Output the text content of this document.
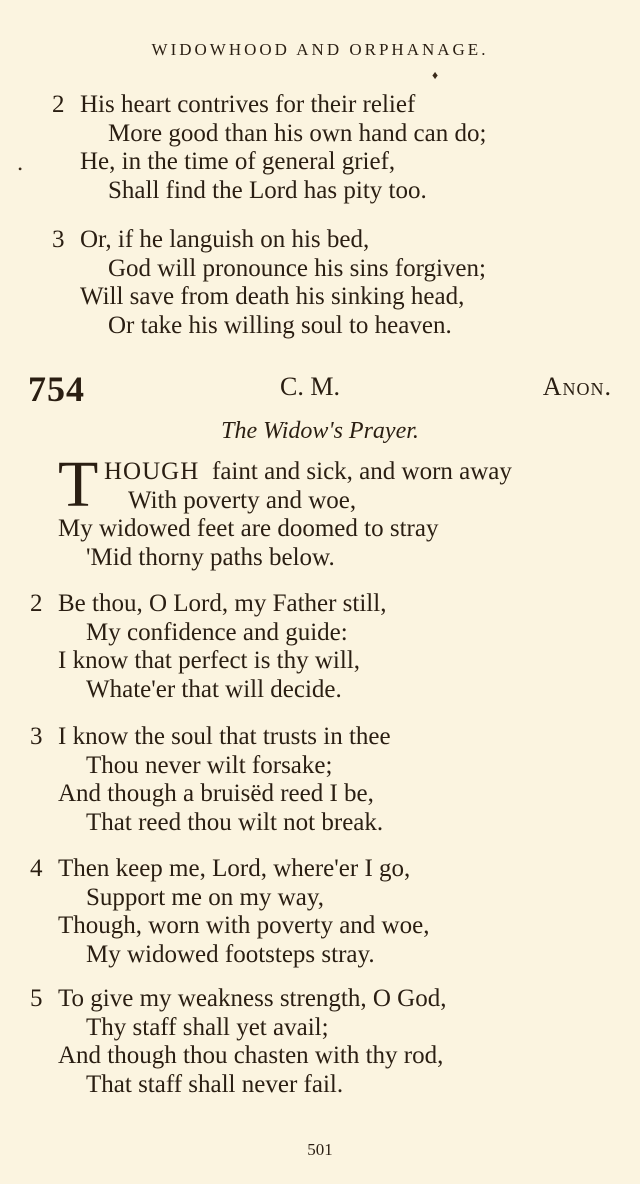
WIDOWHOOD AND ORPHANAGE.
♦
•
2 His heart contrives for their relief
More good than his own hand can do;
He, in the time of general grief,
Shall find the Lord has pity too.
3 Or, if he languish on his bed,
God will pronounce his sins forgiven;
Will save from death his sinking head,
Or take his willing soul to heaven.
754	C. M.	Anon.
The Widow's Prayer.
T HOUGH faint and sick, and worn away
With poverty and woe,
My widowed feet are doomed to stray
'Mid thorny paths below.
2 Be thou, O Lord, my Father still,
My confidence and guide:
I know that perfect is thy will,
Whate'er that will decide.
3 I know the soul that trusts in thee
Thou never wilt forsake;
And though a bruisëd reed I be,
That reed thou wilt not break.
4 Then keep me, Lord, where'er I go,
Support me on my way,
Though, worn with poverty and woe,
My widowed footsteps stray.
5 To give my weakness strength, O God,
Thy staff shall yet avail;
And though thou chasten with thy rod,
That staff shall never fail.
501
